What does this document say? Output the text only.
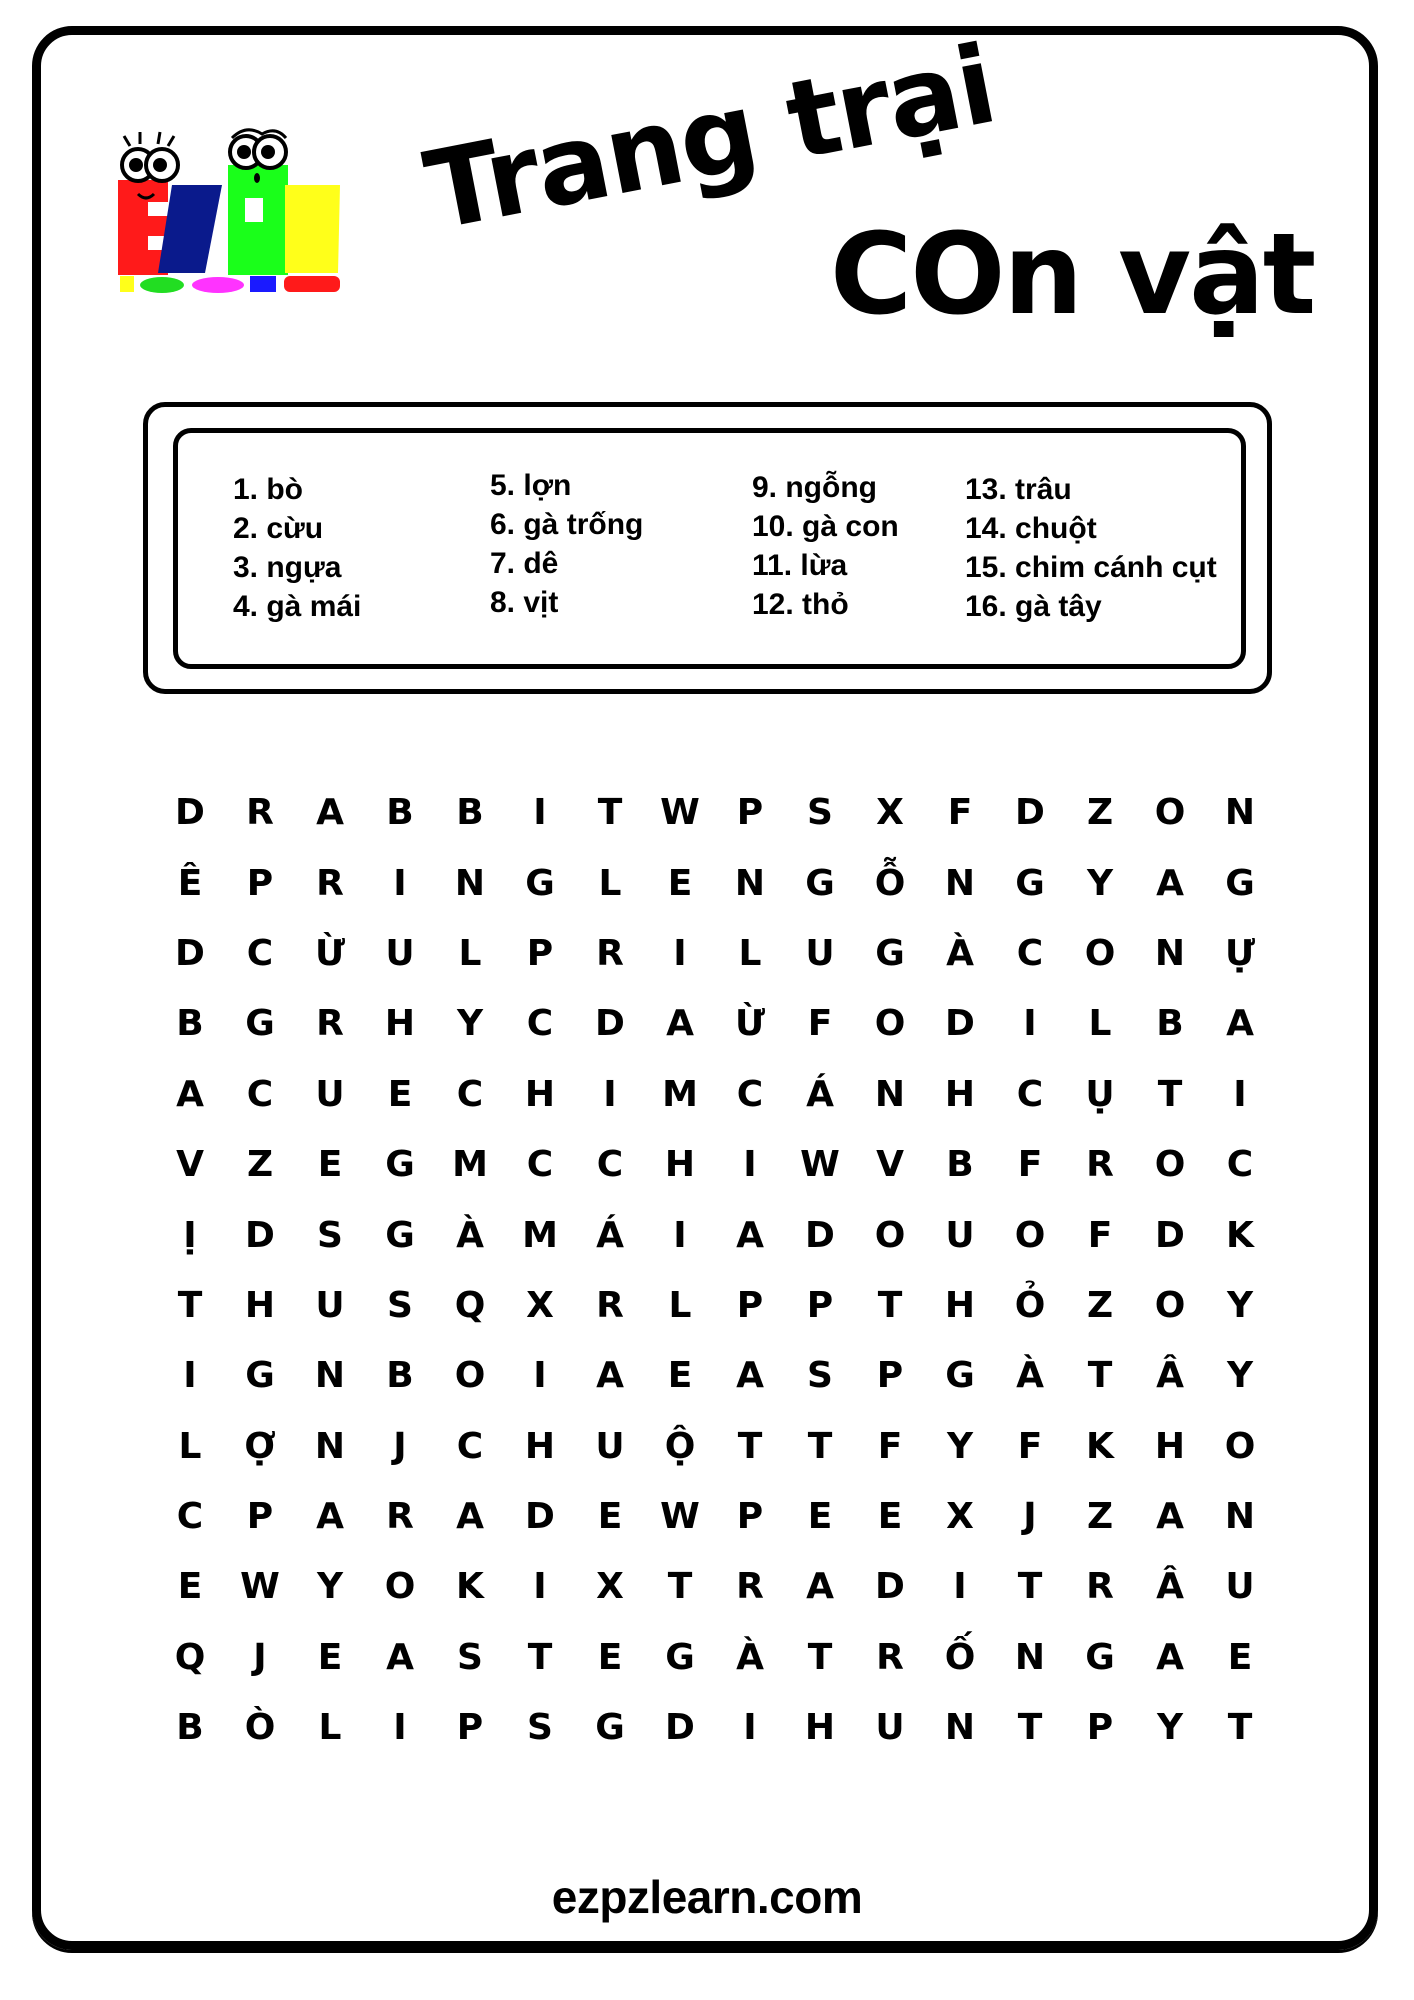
Trang trại
COn vật
1. bò
2. cừu
3. ngựa
4. gà mái
5. lợn
6. gà trống
7. dê
8. vịt
9. ngỗng
10. gà con
11. lừa
12. thỏ
13. trâu
14. chuột
15. chim cánh cụt
16. gà tây
D	R	A	B	B	I	T	W	P	S	X	F	D	Z	O	N
Ê	P	R	I	N	G	L	E	N	G	Ỗ	N	G	Y	A	G
D	C	Ừ	U	L	P	R	I	L	U	G	À	C	O	N	Ự
B	G	R	H	Y	C	D	A	Ừ	F	O	D	I	L	B	A
A	C	U	E	C	H	I	M	C	Á	N	H	C	Ụ	T	I
V	Z	E	G	M	C	C	H	I	W	V	B	F	R	O	C
Ị	D	S	G	À	M	Á	I	A	D	O	U	O	F	D	K
T	H	U	S	Q	X	R	L	P	P	T	H	Ỏ	Z	O	Y
I	G	N	B	O	I	A	E	A	S	P	G	À	T	Â	Y
L	Ợ	N	J	C	H	U	Ộ	T	T	F	Y	F	K	H	O
C	P	A	R	A	D	E	W	P	E	E	X	J	Z	A	N
E	W	Y	O	K	I	X	T	R	A	D	I	T	R	Â	U
Q	J	E	A	S	T	E	G	À	T	R	Ố	N	G	A	E
B	Ò	L	I	P	S	G	D	I	H	U	N	T	P	Y	T
ezpzlearn.com
